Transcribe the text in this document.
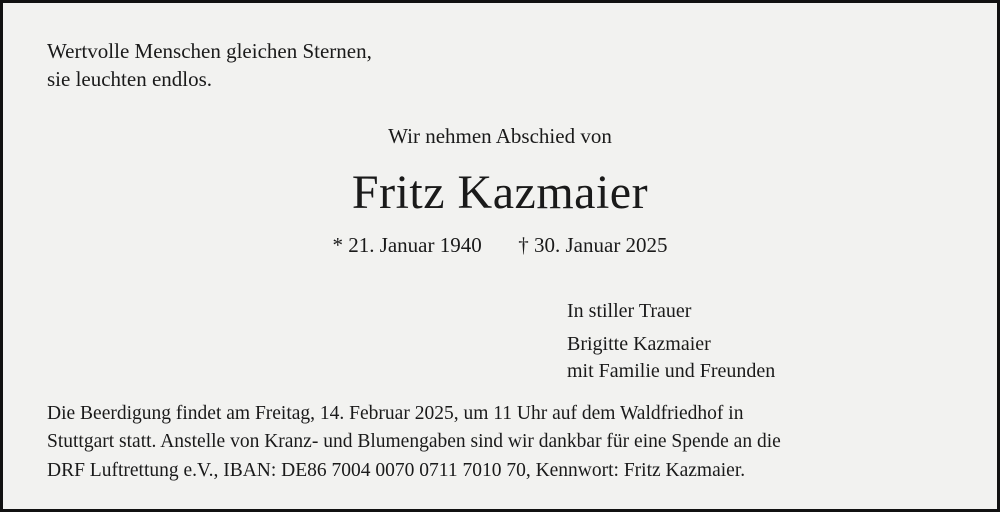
Wertvolle Menschen gleichen Sternen,
sie leuchten endlos.
Wir nehmen Abschied von
Fritz Kazmaier
* 21. Januar 1940 † 30. Januar 2025
In stiller Trauer
Brigitte Kazmaier
mit Familie und Freunden

Die Beerdigung findet am Freitag, 14. Februar 2025, um 11 Uhr auf dem Waldfriedhof in

Stuttgart statt. Anstelle von Kranz- und Blumengaben sind wir dankbar für eine Spende an die

DRF Luftrettung e.V., IBAN: DE86 7004 0070 0711 7010 70, Kennwort: Fritz Kazmaier.
